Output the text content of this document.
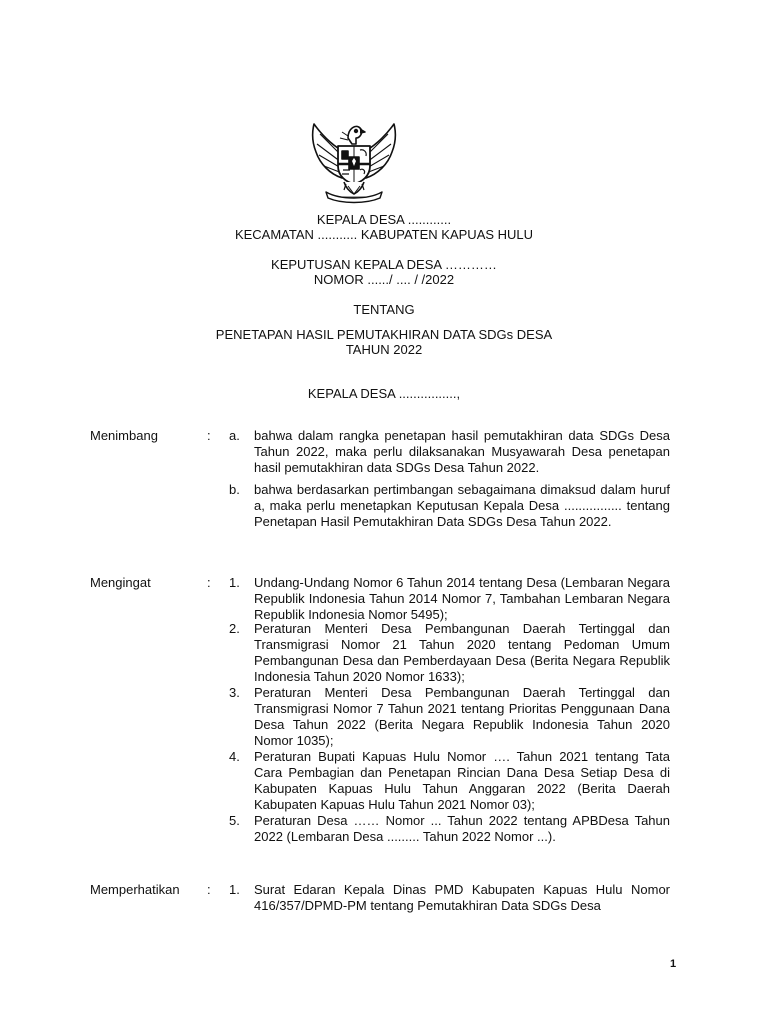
KEPALA DESA ............
KECAMATAN ........... KABUPATEN KAPUAS HULU
KEPUTUSAN KEPALA DESA …………
NOMOR ....../ .... / /2022
TENTANG
PENETAPAN HASIL PEMUTAKHIRAN DATA SDGs DESA
TAHUN 2022
KEPALA DESA ................,
Menimbang	: a.	bahwa dalam rangka penetapan hasil pemutakhiran data SDGs Desa Tahun 2022, maka perlu dilaksanakan Musyawarah Desa penetapan hasil pemutakhiran data SDGs Desa Tahun 2022.
b.	bahwa berdasarkan pertimbangan sebagaimana dimaksud dalam huruf a, maka perlu menetapkan Keputusan Kepala Desa ................ tentang Penetapan Hasil Pemutakhiran Data SDGs Desa Tahun 2022.
Mengingat	: 1.	Undang-Undang Nomor 6 Tahun 2014 tentang Desa (Lembaran Negara Republik Indonesia Tahun 2014 Nomor 7, Tambahan Lembaran Negara Republik Indonesia Nomor 5495);
2.	Peraturan Menteri Desa Pembangunan Daerah Tertinggal dan Transmigrasi Nomor 21 Tahun 2020 tentang Pedoman Umum Pembangunan Desa dan Pemberdayaan Desa (Berita Negara Republik Indonesia Tahun 2020 Nomor 1633);
3.	Peraturan Menteri Desa Pembangunan Daerah Tertinggal dan Transmigrasi Nomor 7 Tahun 2021 tentang Prioritas Penggunaan Dana Desa Tahun 2022 (Berita Negara Republik Indonesia Tahun 2020 Nomor 1035);
4.	Peraturan Bupati Kapuas Hulu Nomor …. Tahun 2021 tentang Tata Cara Pembagian dan Penetapan Rincian Dana Desa Setiap Desa di Kabupaten Kapuas Hulu Tahun Anggaran 2022 (Berita Daerah Kabupaten Kapuas Hulu Tahun 2021 Nomor 03);
5.	Peraturan Desa …… Nomor ... Tahun 2022 tentang APBDesa Tahun 2022 (Lembaran Desa ......... Tahun 2022 Nomor ...).
Memperhatikan : 1.	Surat Edaran Kepala Dinas PMD Kabupaten Kapuas Hulu Nomor 416/357/DPMD-PM tentang Pemutakhiran Data SDGs Desa
1
